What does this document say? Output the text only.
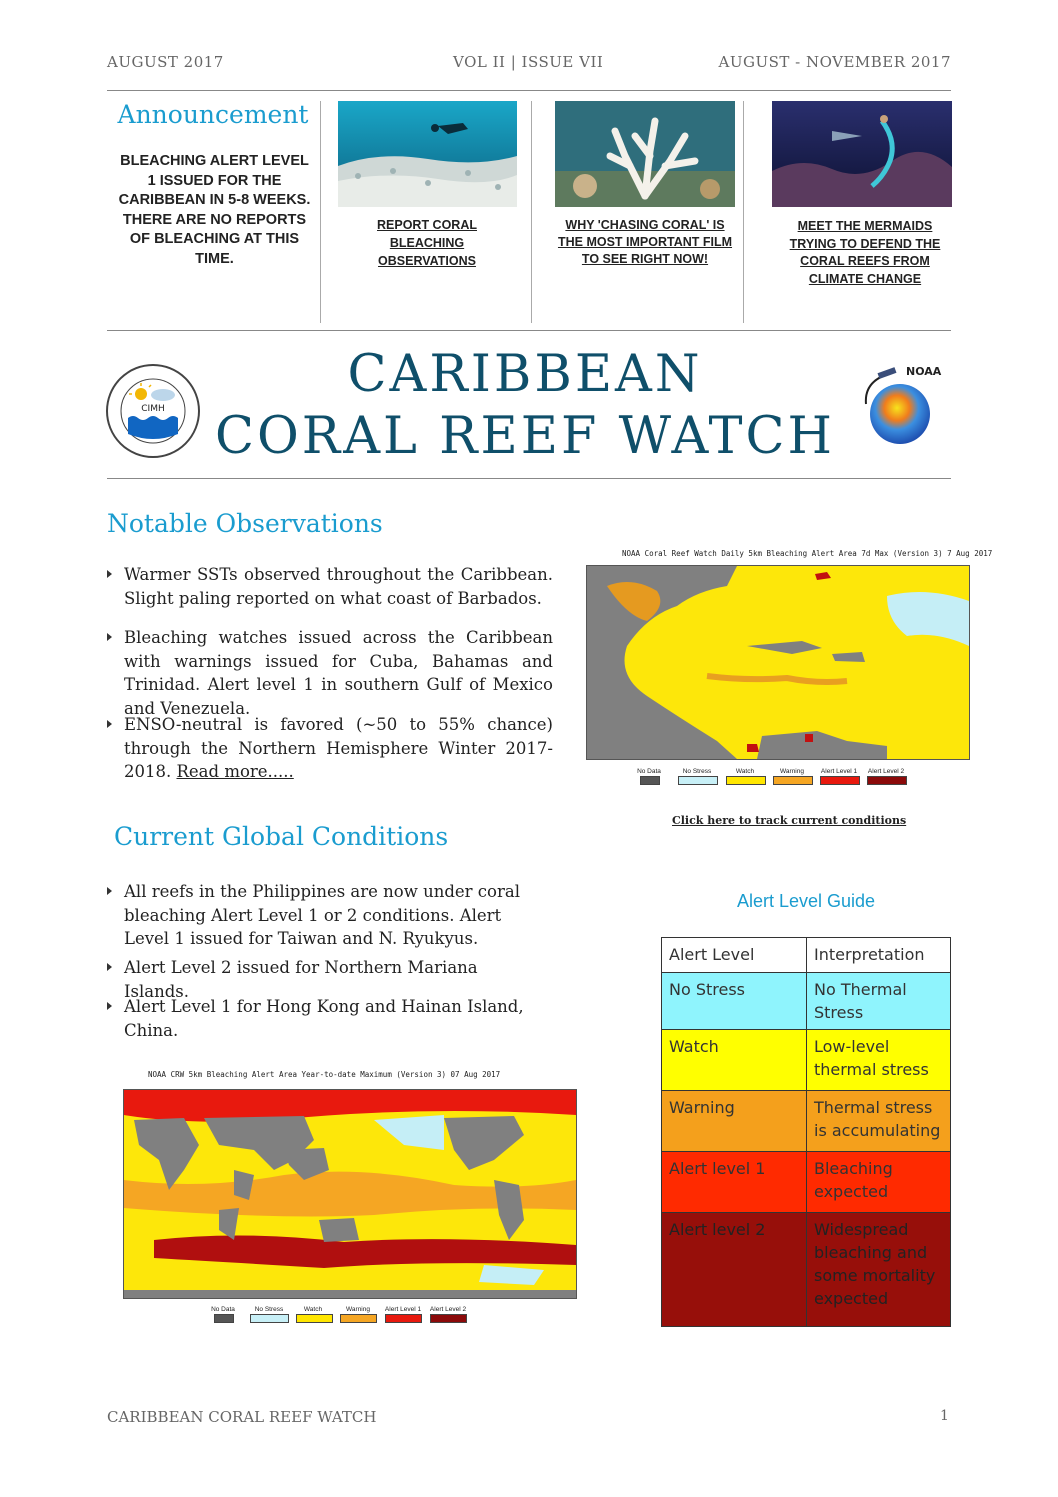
AUGUST 2017	VOL II | ISSUE VII	AUGUST - NOVEMBER 2017
Announcement
BLEACHING ALERT LEVEL 1 ISSUED FOR THE CARIBBEAN IN 5-8 WEEKS. THERE ARE NO REPORTS OF BLEACHING AT THIS TIME.
REPORT CORAL BLEACHING OBSERVATIONS
WHY 'CHASING CORAL' IS THE MOST IMPORTANT FILM TO SEE RIGHT NOW!
MEET THE MERMAIDS TRYING TO DEFEND THE CORAL REEFS FROM CLIMATE CHANGE
CIMH
CARIBBEAN
CORAL REEF WATCH
NOAA
Notable Observations
Warmer SSTs observed throughout the Caribbean. Slight paling reported on what coast of Barbados.
Bleaching watches issued across the Caribbean with warnings issued for Cuba, Bahamas and Trinidad. Alert level 1 in southern Gulf of Mexico and Venezuela.
ENSO-neutral is favored (~50 to 55% chance) through the Northern Hemisphere Winter 2017-2018. Read more.....
NOAA Coral Reef Watch Daily 5km Bleaching Alert Area 7d Max (Version 3) 7 Aug 2017
No Data	No Stress	Watch	Warning	Alert Level 1	Alert Level 2
Click here to track current conditions
Current Global Conditions
All reefs in the Philippines are now under coral bleaching Alert Level 1 or 2 conditions. Alert Level 1 issued for Taiwan and N. Ryukyus.
Alert Level 2 issued for Northern Mariana Islands.
Alert Level 1 for Hong Kong and Hainan Island, China.
Alert Level Guide
Alert Level	Interpretation
No Stress	No Thermal Stress
Watch	Low-level thermal stress
Warning	Thermal stress is accumulating
Alert level 1	Bleaching expected
Alert level 2	Widespread bleaching and some mortality expected
NOAA CRW 5km Bleaching Alert Area Year-to-date Maximum (Version 3) 07 Aug 2017
No Data	No Stress	Watch	Warning	Alert Level 1	Alert Level 2
CARIBBEAN CORAL REEF WATCH	1
